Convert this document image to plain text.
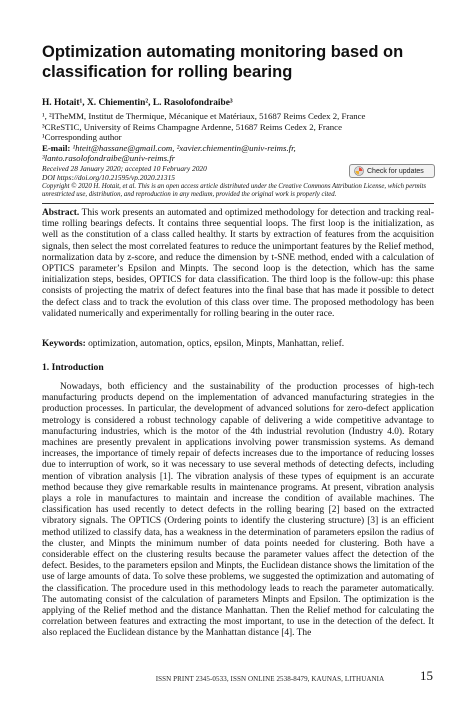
Optimization automating monitoring based on classification for rolling bearing
H. Hotait¹, X. Chiementin², L. Rasolofondraibe³
¹, ²ITheMM, Institut de Thermique, Mécanique et Matériaux, 51687 Reims Cedex 2, France
³CReSTIC, University of Reims Champagne Ardenne, 51687 Reims Cedex 2, France
¹Corresponding author
E-mail: ¹hteit@hassane@gmail.com, ²xavier.chiementin@univ-reims.fr,
³lanto.rasolofondraibe@univ-reims.fr
Received 28 January 2020; accepted 10 February 2020
DOI https://doi.org/10.21595/vp.2020.21315
Check for updates
Copyright © 2020 H. Hotait, et al. This is an open access article distributed under the Creative Commons Attribution License, which permits unrestricted use, distribution, and reproduction in any medium, provided the original work is properly cited.
Abstract. This work presents an automated and optimized methodology for detection and tracking real-time rolling bearings defects. It contains three sequential loops. The first loop is the initialization, as well as the constitution of a class called healthy. It starts by extraction of features from the acquisition signals, then select the most correlated features to reduce the unimportant features by the Relief method, normalization data by z-score, and reduce the dimension by t-SNE method, ended with a calculation of OPTICS parameter’s Epsilon and Minpts. The second loop is the detection, which has the same initialization steps, besides, OPTICS for data classification. The third loop is the follow-up: this phase consists of projecting the matrix of defect features into the final base that has made it possible to detect the defect class and to track the evolution of this class over time. The proposed methodology has been validated numerically and experimentally for rolling bearing in the outer race.
Keywords: optimization, automation, optics, epsilon, Minpts, Manhattan, relief.
1. Introduction
Nowadays, both efficiency and the sustainability of the production processes of high-tech manufacturing products depend on the implementation of advanced manufacturing strategies in the production processes. In particular, the development of advanced solutions for zero-defect application metrology is considered a robust technology capable of delivering a wide competitive advantage to manufacturing industries, which is the motor of the 4th industrial revolution (Industry 4.0). Rotary machines are presently prevalent in applications involving power transmission systems. As demand increases, the importance of timely repair of defects increases due to the importance of reducing losses due to interruption of work, so it was necessary to use several methods of detecting defects, including mention of vibration analysis [1]. The vibration analysis of these types of equipment is an accurate method because they give remarkable results in maintenance programs. At present, vibration analysis plays a role in manufactures to maintain and increase the condition of available machines. The classification has used recently to detect defects in the rolling bearing [2] based on the extracted vibratory signals. The OPTICS (Ordering points to identify the clustering structure) [3] is an efficient method utilized to classify data, has a weakness in the determination of parameters epsilon the radius of the cluster, and Minpts the minimum number of data points needed for clustering. Both have a considerable effect on the clustering results because the parameter values affect the detection of the defect. Besides, to the parameters epsilon and Minpts, the Euclidean distance shows the limitation of the use of large amounts of data. To solve these problems, we suggested the optimization and automating of the classification. The procedure used in this methodology leads to reach the parameter automatically. The automating consist of the calculation of parameters Minpts and Epsilon. The optimization is the applying of the Relief method and the distance Manhattan. Then the Relief method for calculating the correlation between features and extracting the most important, to use in the detection of the defect. It also replaced the Euclidean distance by the Manhattan distance [4]. The
ISSN PRINT 2345-0533, ISSN ONLINE 2538-8479, KAUNAS, LITHUANIA	15
